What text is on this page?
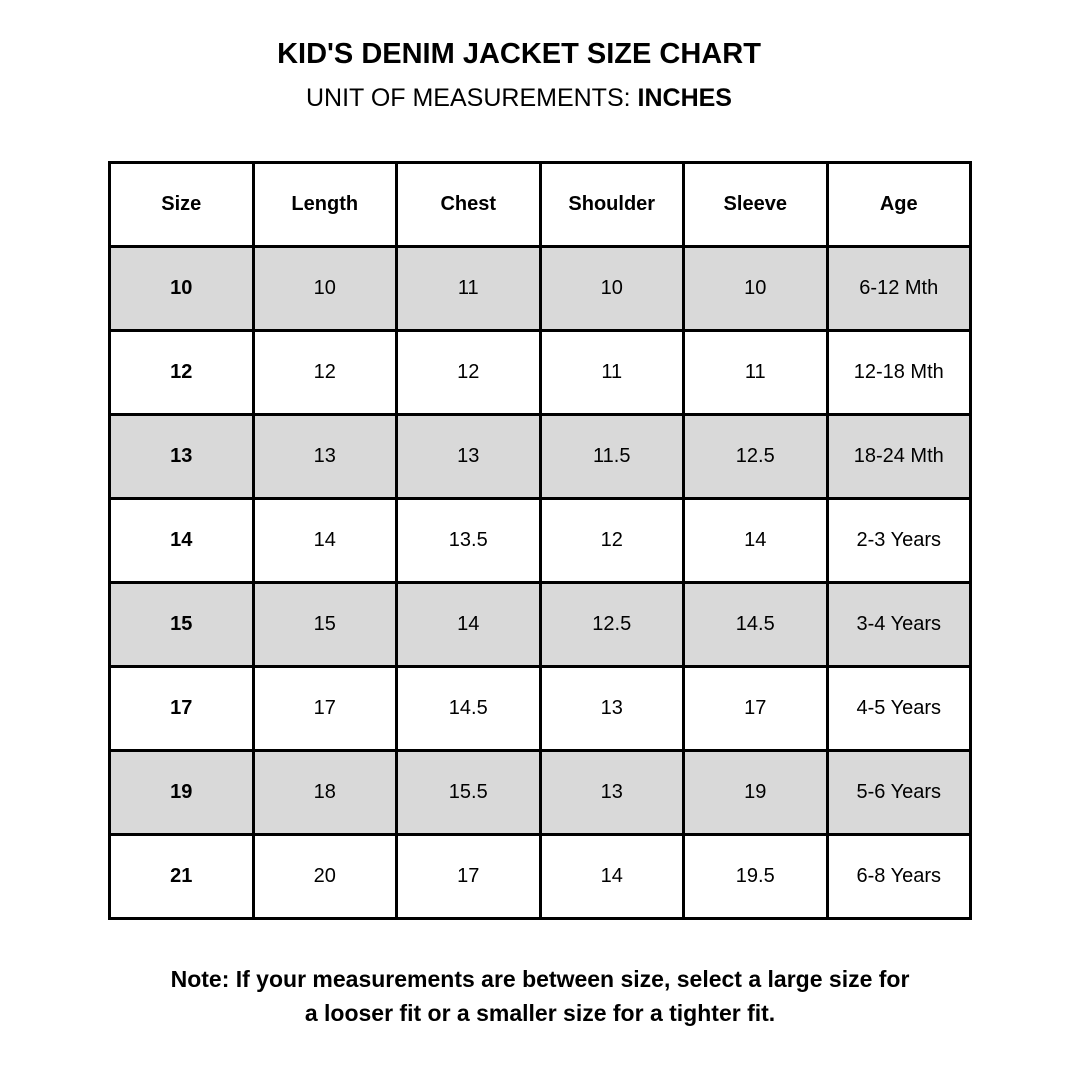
KID'S DENIM JACKET SIZE CHART
UNIT OF MEASUREMENTS: INCHES
Size	Length	Chest	Shoulder	Sleeve	Age
10	10	11	10	10	6-12 Mth
12	12	12	11	11	12-18 Mth
13	13	13	11.5	12.5	18-24 Mth
14	14	13.5	12	14	2-3 Years
15	15	14	12.5	14.5	3-4 Years
17	17	14.5	13	17	4-5 Years
19	18	15.5	13	19	5-6 Years
21	20	17	14	19.5	6-8 Years
Note: If your measurements are between size, select a large size for
a looser fit or a smaller size for a tighter fit.
